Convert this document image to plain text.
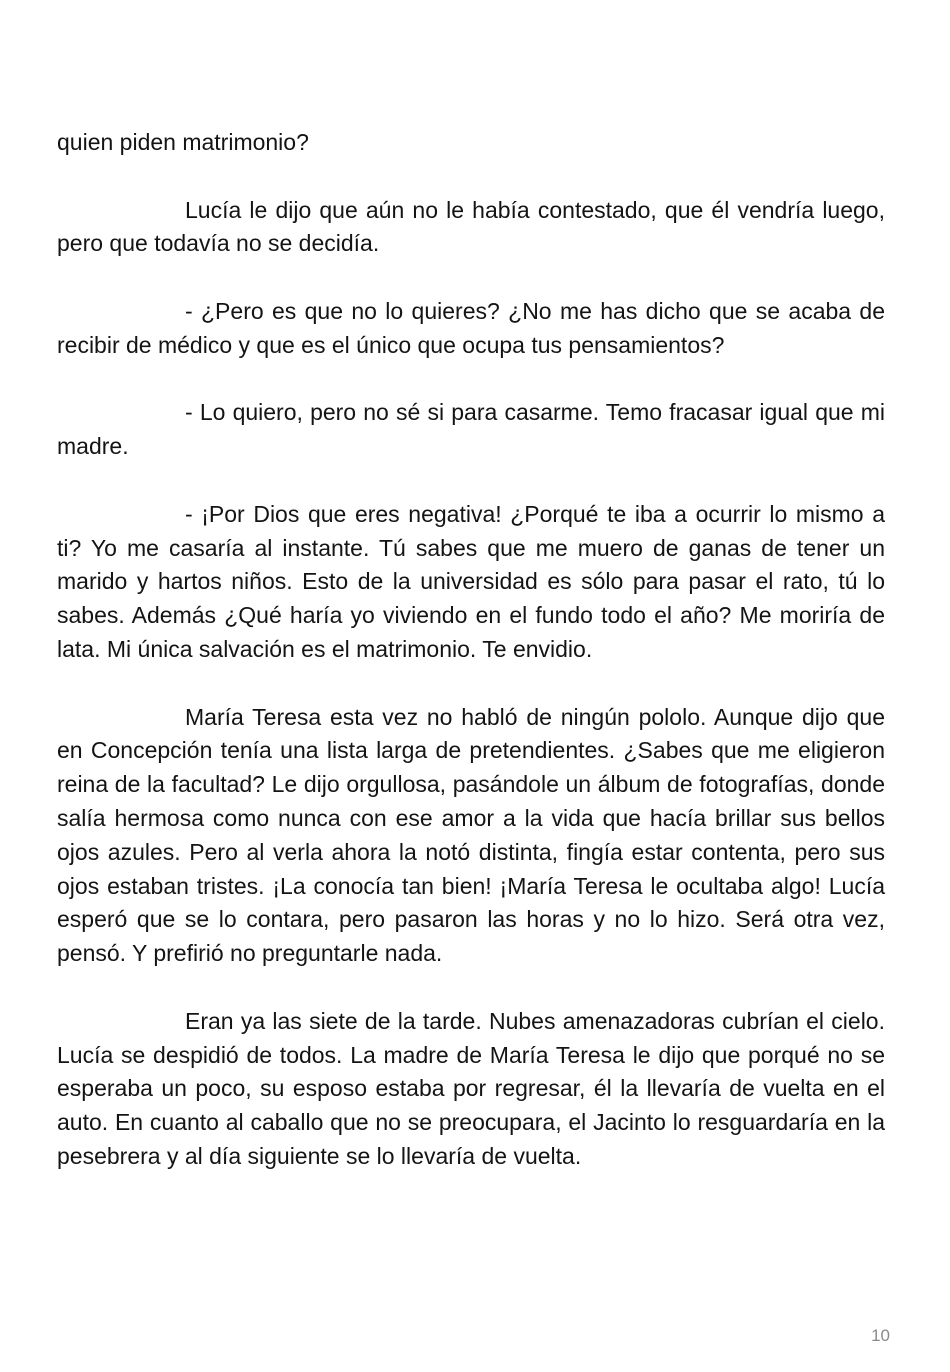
quien piden matrimonio?

Lucía le dijo que aún no le había contestado, que él vendría luego, pero que todavía no se decidía.

- ¿Pero es que no lo quieres? ¿No me has dicho que se acaba de recibir de médico y que es el único que ocupa tus pensamientos?

- Lo quiero, pero no sé si para casarme. Temo fracasar igual que mi madre.

- ¡Por Dios que eres negativa! ¿Porqué te iba a ocurrir lo mismo a ti? Yo me casaría al instante. Tú sabes que me muero de ganas de tener un marido y hartos niños. Esto de la universidad es sólo para pasar el rato, tú lo sabes. Además ¿Qué haría yo viviendo en el fundo todo el año? Me moriría de lata. Mi única salvación es el matrimonio. Te envidio.

María Teresa esta vez no habló de ningún pololo. Aunque dijo que en Concepción tenía una lista larga de pretendientes. ¿Sabes que me eligieron reina de la facultad? Le dijo orgullosa, pasándole un álbum de fotografías, donde salía hermosa como nunca con ese amor a la vida que hacía brillar sus bellos ojos azules. Pero al verla ahora la notó distinta, fingía estar contenta, pero sus ojos estaban tristes. ¡La conocía tan bien! ¡María Teresa le ocultaba algo! Lucía esperó que se lo contara, pero pasaron las horas y no lo hizo. Será otra vez, pensó. Y prefirió no preguntarle nada.

Eran ya las siete de la tarde. Nubes amenazadoras cubrían el cielo. Lucía se despidió de todos. La madre de María Teresa le dijo que porqué no se esperaba un poco, su esposo estaba por regresar, él la llevaría de vuelta en el auto. En cuanto al caballo que no se preocupara, el Jacinto lo resguardaría en la pesebrera y al día siguiente se lo llevaría de vuelta.

10
